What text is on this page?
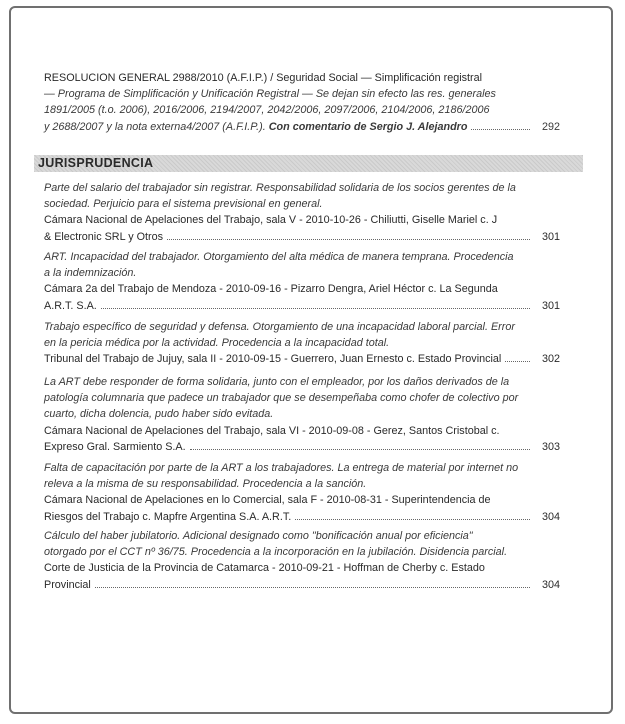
RESOLUCION GENERAL 2988/2010 (A.F.I.P.) / Seguridad Social — Simplificación registral
— Programa de Simplificación y Unificación Registral — Se dejan sin efecto las res. generales
1891/2005 (t.o. 2006), 2016/2006, 2194/2007, 2042/2006, 2097/2006, 2104/2006, 2186/2006
y 2688/2007 y la nota externa4/2007 (A.F.I.P.).
Con comentario de Sergio J. Alejandro	292
JURISPRUDENCIA
Parte del salario del trabajador sin registrar. Responsabilidad solidaria de los socios gerentes de la
sociedad. Perjuicio para el sistema previsional en general.
Cámara Nacional de Apelaciones del Trabajo, sala V - 2010-10-26 - Chiliutti, Giselle Mariel c. J
& Electronic SRL y Otros	301
ART. Incapacidad del trabajador. Otorgamiento del alta médica de manera temprana. Procedencia
a la indemnización.
Cámara 2a del Trabajo de Mendoza - 2010-09-16 - Pizarro Dengra, Ariel Héctor c. La Segunda
A.R.T. S.A.	301
Trabajo específico de seguridad y defensa. Otorgamiento de una incapacidad laboral parcial. Error
en la pericia médica por la actividad. Procedencia a la incapacidad total.
Tribunal del Trabajo de Jujuy, sala II - 2010-09-15 - Guerrero, Juan Ernesto c. Estado Provincial	302
La ART debe responder de forma solidaria, junto con el empleador, por los daños derivados de la
patología columnaria que padece un trabajador que se desempeñaba como chofer de colectivo por
cuarto, dicha dolencia, pudo haber sido evitada.
Cámara Nacional de Apelaciones del Trabajo, sala VI - 2010-09-08 - Gerez, Santos Cristobal c.
Expreso Gral. Sarmiento S.A.	303
Falta de capacitación por parte de la ART a los trabajadores. La entrega de material por internet no
releva a la misma de su responsabilidad. Procedencia a la sanción.
Cámara Nacional de Apelaciones en lo Comercial, sala F - 2010-08-31 - Superintendencia de
Riesgos del Trabajo c. Mapfre Argentina S.A. A.R.T.	304
Cálculo del haber jubilatorio. Adicional designado como "bonificación anual por eficiencia"
otorgado por el CCT nº 36/75. Procedencia a la incorporación en la jubilación. Disidencia parcial.
Corte de Justicia de la Provincia de Catamarca - 2010-09-21 - Hoffman de Cherby c. Estado
Provincial	304
